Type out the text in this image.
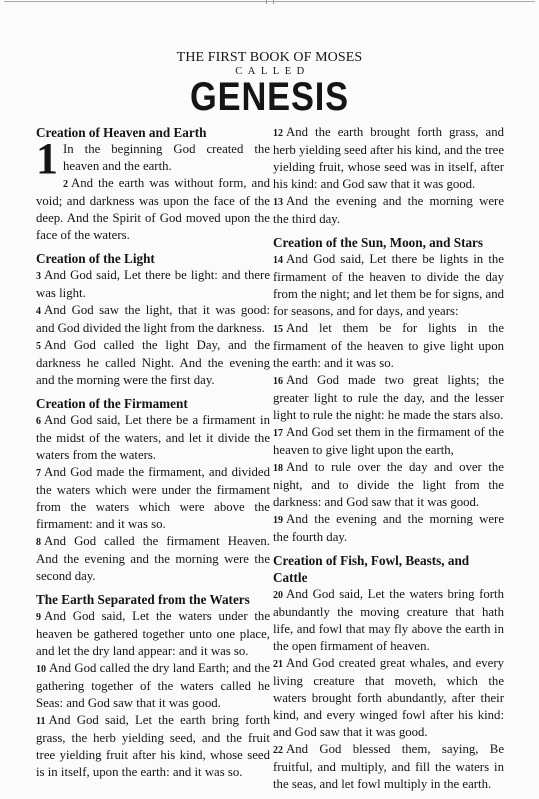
THE FIRST BOOK OF MOSES
CALLED
GENESIS
Creation of Heaven and Earth

1 In the beginning God created the heaven and the earth.

2 And the earth was without form, and void; and darkness was upon the face of the deep. And the Spirit of God moved upon the face of the waters.

Creation of the Light

3 And God said, Let there be light: and there was light.

4 And God saw the light, that it was good: and God divided the light from the darkness.

5 And God called the light Day, and the darkness he called Night. And the evening and the morning were the first day.

Creation of the Firmament

6 And God said, Let there be a firmament in the midst of the waters, and let it divide the waters from the waters.

7 And God made the firmament, and divided the waters which were under the firmament from the waters which were above the firmament: and it was so.

8 And God called the firmament Heaven. And the evening and the morning were the second day.

The Earth Separated from the Waters

9 And God said, Let the waters under the heaven be gathered together unto one place, and let the dry land appear: and it was so.

10 And God called the dry land Earth; and the gathering together of the waters called he Seas: and God saw that it was good.

11 And God said, Let the earth bring forth grass, the herb yielding seed, and the fruit tree yielding fruit after his kind, whose seed is in itself, upon the earth: and it was so.

12 And the earth brought forth grass, and herb yielding seed after his kind, and the tree yielding fruit, whose seed was in itself, after his kind: and God saw that it was good.

13 And the evening and the morning were the third day.

Creation of the Sun, Moon, and Stars

14 And God said, Let there be lights in the firmament of the heaven to divide the day from the night; and let them be for signs, and for seasons, and for days, and years:

15 And let them be for lights in the firmament of the heaven to give light upon the earth: and it was so.

16 And God made two great lights; the greater light to rule the day, and the lesser light to rule the night: he made the stars also.

17 And God set them in the firmament of the heaven to give light upon the earth,

18 And to rule over the day and over the night, and to divide the light from the darkness: and God saw that it was good.

19 And the evening and the morning were the fourth day.

Creation of Fish, Fowl, Beasts, and Cattle

20 And God said, Let the waters bring forth abundantly the moving creature that hath life, and fowl that may fly above the earth in the open firmament of heaven.

21 And God created great whales, and every living creature that moveth, which the waters brought forth abundantly, after their kind, and every winged fowl after his kind: and God saw that it was good.

22 And God blessed them, saying, Be fruitful, and multiply, and fill the waters in the seas, and let fowl multiply in the earth.
